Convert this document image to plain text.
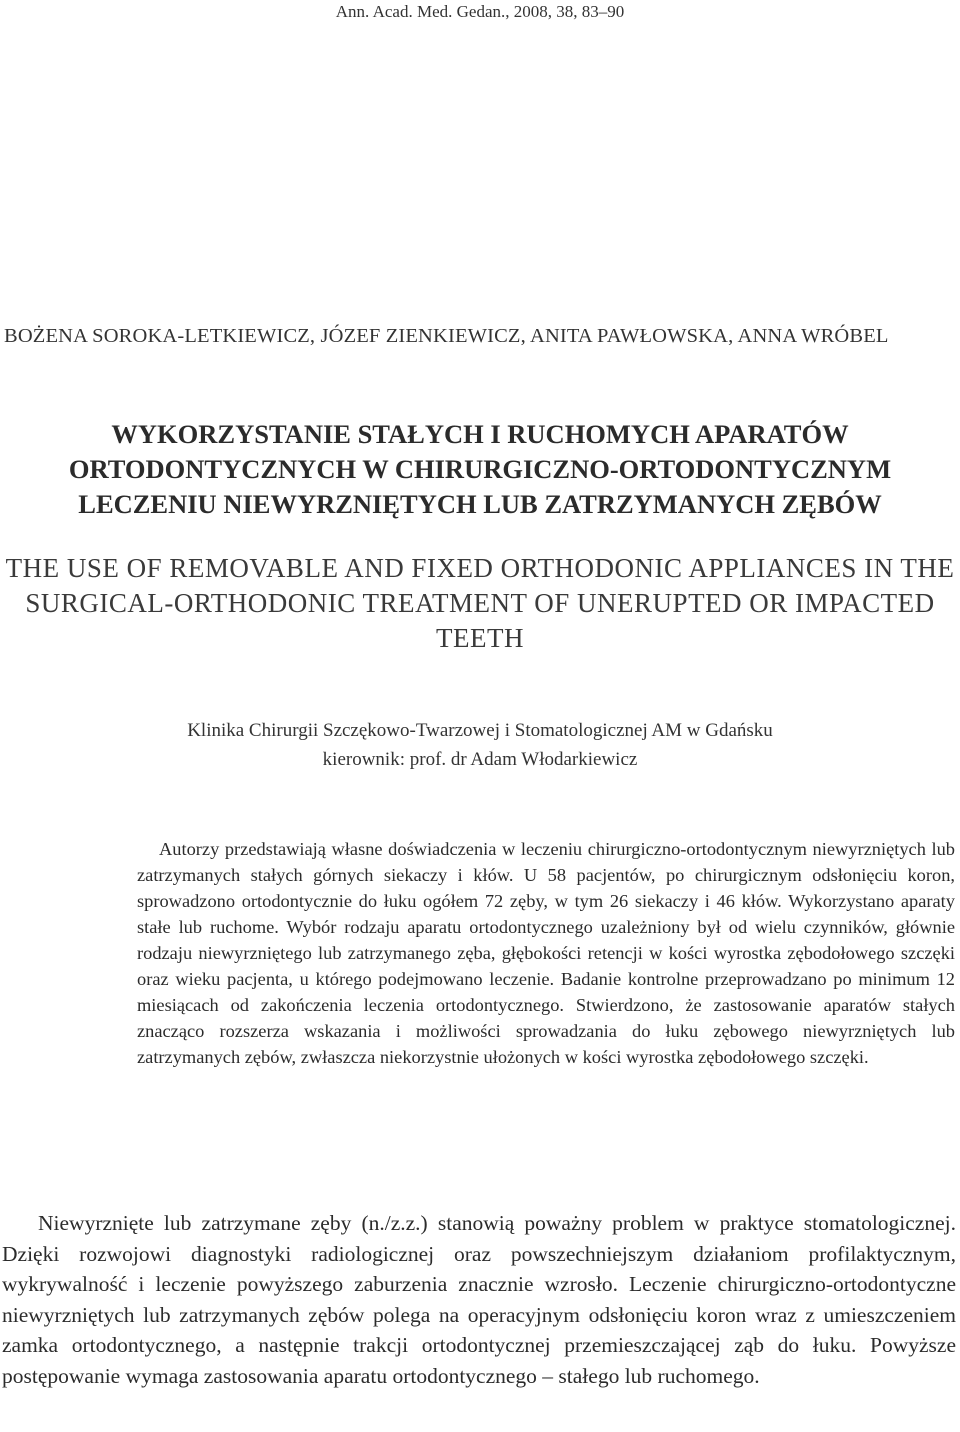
Ann. Acad. Med. Gedan., 2008, 38, 83–90
BOŻENA SOROKA-LETKIEWICZ, JÓZEF ZIENKIEWICZ, ANITA PAWŁOWSKA, ANNA WRÓBEL
WYKORZYSTANIE STAŁYCH I RUCHOMYCH APARATÓW ORTODONTYCZNYCH W CHIRURGICZNO-ORTODONTYCZNYM LECZENIU NIEWYRZNIĘTYCH LUB ZATRZYMANYCH ZĘBÓW
THE USE OF REMOVABLE AND FIXED ORTHODONIC APPLIANCES IN THE SURGICAL-ORTHODONIC TREATMENT OF UNERUPTED OR IMPACTED TEETH
Klinika Chirurgii Szczękowo-Twarzowej i Stomatologicznej AM w Gdańsku
kierownik: prof. dr Adam Włodarkiewicz

Autorzy przedstawiają własne doświadczenia w leczeniu chirurgiczno-ortodontycznym niewyrzniętych lub zatrzymanych stałych górnych siekaczy i kłów. U 58 pacjentów, po chirurgicznym odsłonięciu koron, sprowadzono ortodontycznie do łuku ogółem 72 zęby, w tym 26 siekaczy i 46 kłów. Wykorzystano aparaty stałe lub ruchome. Wybór rodzaju aparatu ortodontycznego uzależniony był od wielu czynników, głównie rodzaju niewyrzniętego lub zatrzymanego zęba, głębokości retencji w kości wyrostka zębodołowego szczęki oraz wieku pacjenta, u którego podejmowano leczenie. Badanie kontrolne przeprowadzano po minimum 12 miesiącach od zakończenia leczenia ortodontycznego. Stwierdzono, że zastosowanie aparatów stałych znacząco rozszerza wskazania i możliwości sprowadzania do łuku zębowego niewyrzniętych lub zatrzymanych zębów, zwłaszcza niekorzystnie ułożonych w kości wyrostka zębodołowego szczęki.

Niewyrznięte lub zatrzymane zęby (n./z.z.) stanowią poważny problem w praktyce stomatologicznej. Dzięki rozwojowi diagnostyki radiologicznej oraz powszechniejszym działaniom profilaktycznym, wykrywalność i leczenie powyższego zaburzenia znacznie wzrosło. Leczenie chirurgiczno-ortodontyczne niewyrzniętych lub zatrzymanych zębów polega na operacyjnym odsłonięciu koron wraz z umieszczeniem zamka ortodontycznego, a następnie trakcji ortodontycznej przemieszczającej ząb do łuku. Powyższe postępowanie wymaga zastosowania aparatu ortodontycznego – stałego lub ruchomego.
